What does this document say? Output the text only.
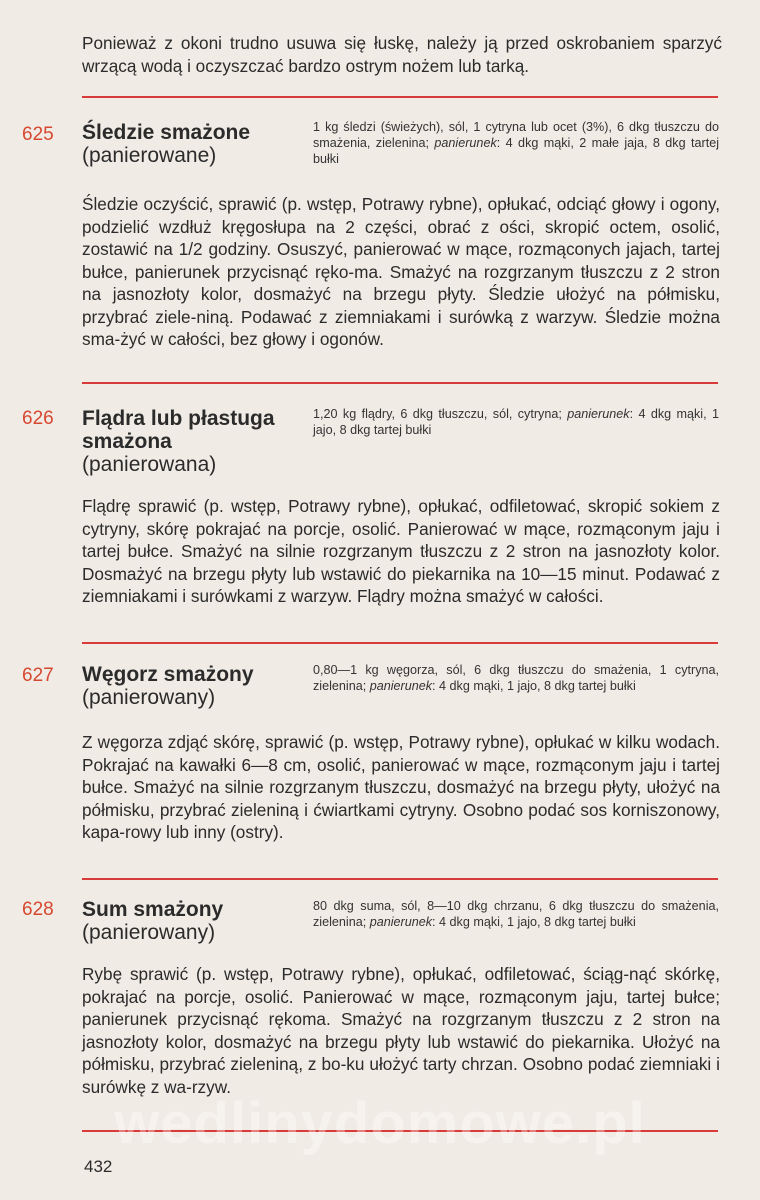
Ponieważ z okoni trudno usuwa się łuskę, należy ją przed oskrobaniem sparzyć wrzącą wodą i oczyszczać bardzo ostrym nożem lub tarką.
625 Śledzie smażone
(panierowane)
1 kg śledzi (świeżych), sól, 1 cytryna lub ocet (3%), 6 dkg tłuszczu do smażenia, zielenina; panierunek: 4 dkg mąki, 2 małe jaja, 8 dkg tartej bułki
Śledzie oczyścić, sprawić (p. wstęp, Potrawy rybne), opłukać, odciąć głowy i ogony, podzielić wzdłuż kręgosłupa na 2 części, obrać z ości, skropić octem, osolić, zostawić na 1/2 godziny. Osuszyć, panierować w mące, rozmąconych jajach, tartej bułce, panierunek przycisnąć ręko-ma. Smażyć na rozgrzanym tłuszczu z 2 stron na jasnozłoty kolor, dosmażyć na brzegu płyty. Śledzie ułożyć na półmisku, przybrać ziele-niną. Podawać z ziemniakami i surówką z warzyw. Śledzie można sma-żyć w całości, bez głowy i ogonów.
626 Flądra lub płastuga smażona
(panierowana)
1,20 kg flądry, 6 dkg tłuszczu, sól, cytryna; panierunek: 4 dkg mąki, 1 jajo, 8 dkg tartej bułki
Flądrę sprawić (p. wstęp, Potrawy rybne), opłukać, odfiletować, skropić sokiem z cytryny, skórę pokrajać na porcje, osolić. Panierować w mące, rozmąconym jaju i tartej bułce. Smażyć na silnie rozgrzanym tłuszczu z 2 stron na jasnozłoty kolor. Dosmażyć na brzegu płyty lub wstawić do piekarnika na 10—15 minut. Podawać z ziemniakami i surówkami z warzyw. Flądry można smażyć w całości.
627 Węgorz smażony
(panierowany)
0,80—1 kg węgorza, sól, 6 dkg tłuszczu do smażenia, 1 cytryna, zielenina; panierunek: 4 dkg mąki, 1 jajo, 8 dkg tartej bułki
Z węgorza zdjąć skórę, sprawić (p. wstęp, Potrawy rybne), opłukać w kilku wodach. Pokrajać na kawałki 6—8 cm, osolić, panierować w mące, rozmąconym jaju i tartej bułce. Smażyć na silnie rozgrzanym tłuszczu, dosmażyć na brzegu płyty, ułożyć na półmisku, przybrać zieleniną i ćwiartkami cytryny. Osobno podać sos korniszonowy, kapa-rowy lub inny (ostry).
628 Sum smażony
(panierowany)
80 dkg suma, sól, 8—10 dkg chrzanu, 6 dkg tłuszczu do smażenia, zielenina; panierunek: 4 dkg mąki, 1 jajo, 8 dkg tartej bułki
Rybę sprawić (p. wstęp, Potrawy rybne), opłukać, odfiletować, ściąg-nąć skórkę, pokrajać na porcje, osolić. Panierować w mące, rozmąconym jaju, tartej bułce; panierunek przycisnąć rękoma. Smażyć na rozgrzanym tłuszczu z 2 stron na jasnozłoty kolor, dosmażyć na brzegu płyty lub wstawić do piekarnika. Ułożyć na półmisku, przybrać zieleniną, z bo-ku ułożyć tarty chrzan. Osobno podać ziemniaki i surówkę z wa-rzyw.
wedlinydomowe.pl
432
